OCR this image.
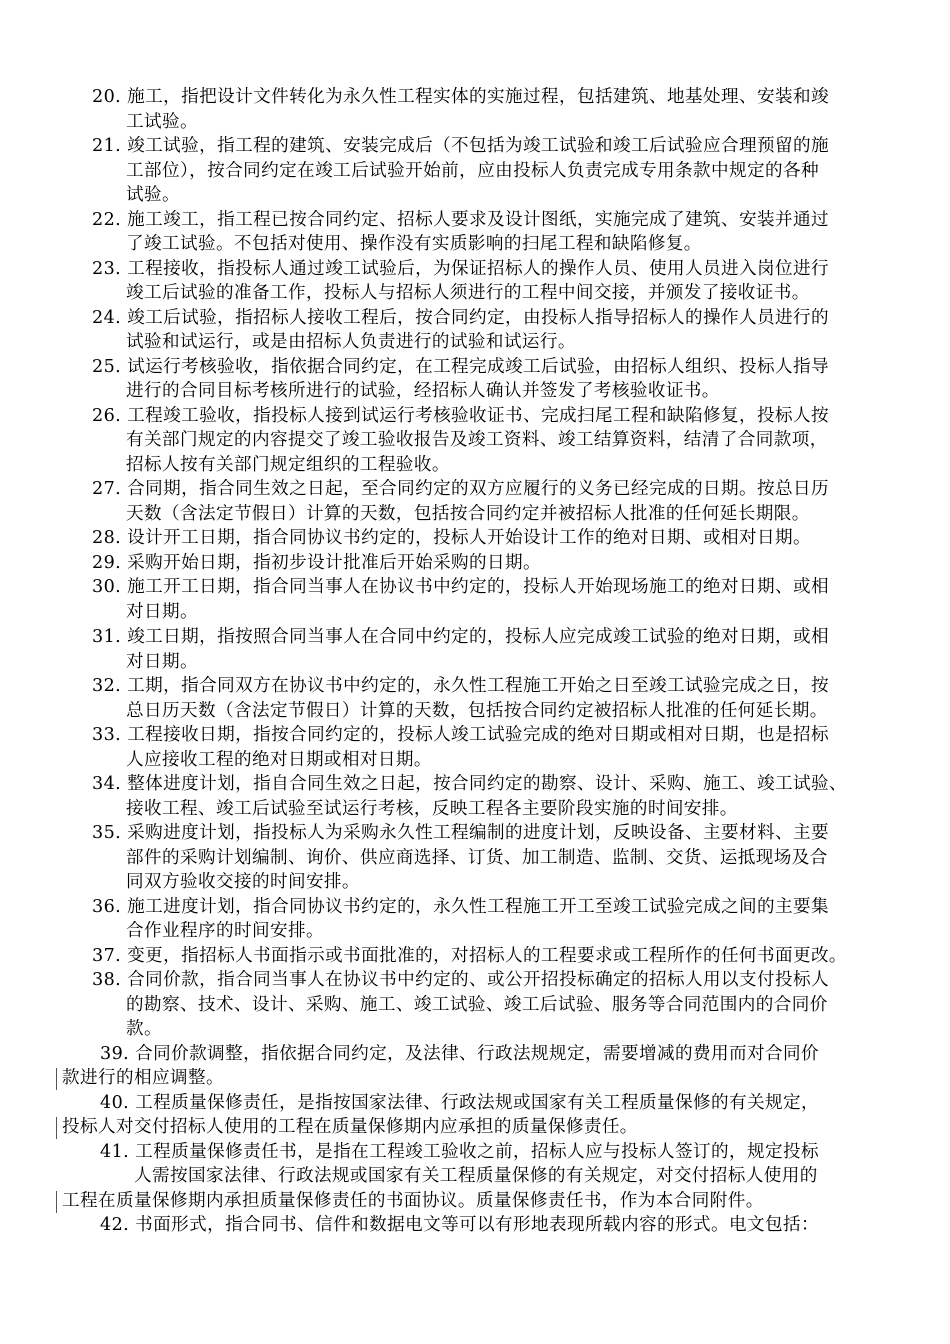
20. 施工，指把设计文件转化为永久性工程实体的实施过程，包括建筑、地基处理、安装和竣
工试验。
21. 竣工试验，指工程的建筑、安装完成后（不包括为竣工试验和竣工后试验应合理预留的施
工部位），按合同约定在竣工后试验开始前，应由投标人负责完成专用条款中规定的各种
试验。
22. 施工竣工，指工程已按合同约定、招标人要求及设计图纸，实施完成了建筑、安装并通过
了竣工试验。不包括对使用、操作没有实质影响的扫尾工程和缺陷修复。
23. 工程接收，指投标人通过竣工试验后，为保证招标人的操作人员、使用人员进入岗位进行
竣工后试验的准备工作，投标人与招标人须进行的工程中间交接，并颁发了接收证书。
24. 竣工后试验，指招标人接收工程后，按合同约定，由投标人指导招标人的操作人员进行的
试验和试运行，或是由招标人负责进行的试验和试运行。
25. 试运行考核验收，指依据合同约定，在工程完成竣工后试验，由招标人组织、投标人指导
进行的合同目标考核所进行的试验，经招标人确认并签发了考核验收证书。
26. 工程竣工验收，指投标人接到试运行考核验收证书、完成扫尾工程和缺陷修复，投标人按
有关部门规定的内容提交了竣工验收报告及竣工资料、竣工结算资料，结清了合同款项，
招标人按有关部门规定组织的工程验收。
27. 合同期，指合同生效之日起，至合同约定的双方应履行的义务已经完成的日期。按总日历
天数（含法定节假日）计算的天数，包括按合同约定并被招标人批准的任何延长期限。
28. 设计开工日期，指合同协议书约定的，投标人开始设计工作的绝对日期、或相对日期。
29. 采购开始日期，指初步设计批准后开始采购的日期。
30. 施工开工日期，指合同当事人在协议书中约定的，投标人开始现场施工的绝对日期、或相
对日期。
31. 竣工日期，指按照合同当事人在合同中约定的，投标人应完成竣工试验的绝对日期，或相
对日期。
32. 工期，指合同双方在协议书中约定的，永久性工程施工开始之日至竣工试验完成之日，按
总日历天数（含法定节假日）计算的天数，包括按合同约定被招标人批准的任何延长期。
33. 工程接收日期，指按合同约定的，投标人竣工试验完成的绝对日期或相对日期，也是招标
人应接收工程的绝对日期或相对日期。
34. 整体进度计划，指自合同生效之日起，按合同约定的勘察、设计、采购、施工、竣工试验、
接收工程、竣工后试验至试运行考核，反映工程各主要阶段实施的时间安排。
35. 采购进度计划，指投标人为采购永久性工程编制的进度计划，反映设备、主要材料、主要
部件的采购计划编制、询价、供应商选择、订货、加工制造、监制、交货、运抵现场及合
同双方验收交接的时间安排。
36. 施工进度计划，指合同协议书约定的，永久性工程施工开工至竣工试验完成之间的主要集
合作业程序的时间安排。
37. 变更，指招标人书面指示或书面批准的，对招标人的工程要求或工程所作的任何书面更改。
38. 合同价款，指合同当事人在协议书中约定的、或公开招投标确定的招标人用以支付投标人
的勘察、技术、设计、采购、施工、竣工试验、竣工后试验、服务等合同范围内的合同价
款。
39. 合同价款调整，指依据合同约定，及法律、行政法规规定，需要增减的费用而对合同价
款进行的相应调整。
40. 工程质量保修责任，是指按国家法律、行政法规或国家有关工程质量保修的有关规定，
投标人对交付招标人使用的工程在质量保修期内应承担的质量保修责任。
41. 工程质量保修责任书，是指在工程竣工验收之前，招标人应与投标人签订的，规定投标
人需按国家法律、行政法规或国家有关工程质量保修的有关规定，对交付招标人使用的
工程在质量保修期内承担质量保修责任的书面协议。质量保修责任书，作为本合同附件。
42. 书面形式，指合同书、信件和数据电文等可以有形地表现所载内容的形式。电文包括：
